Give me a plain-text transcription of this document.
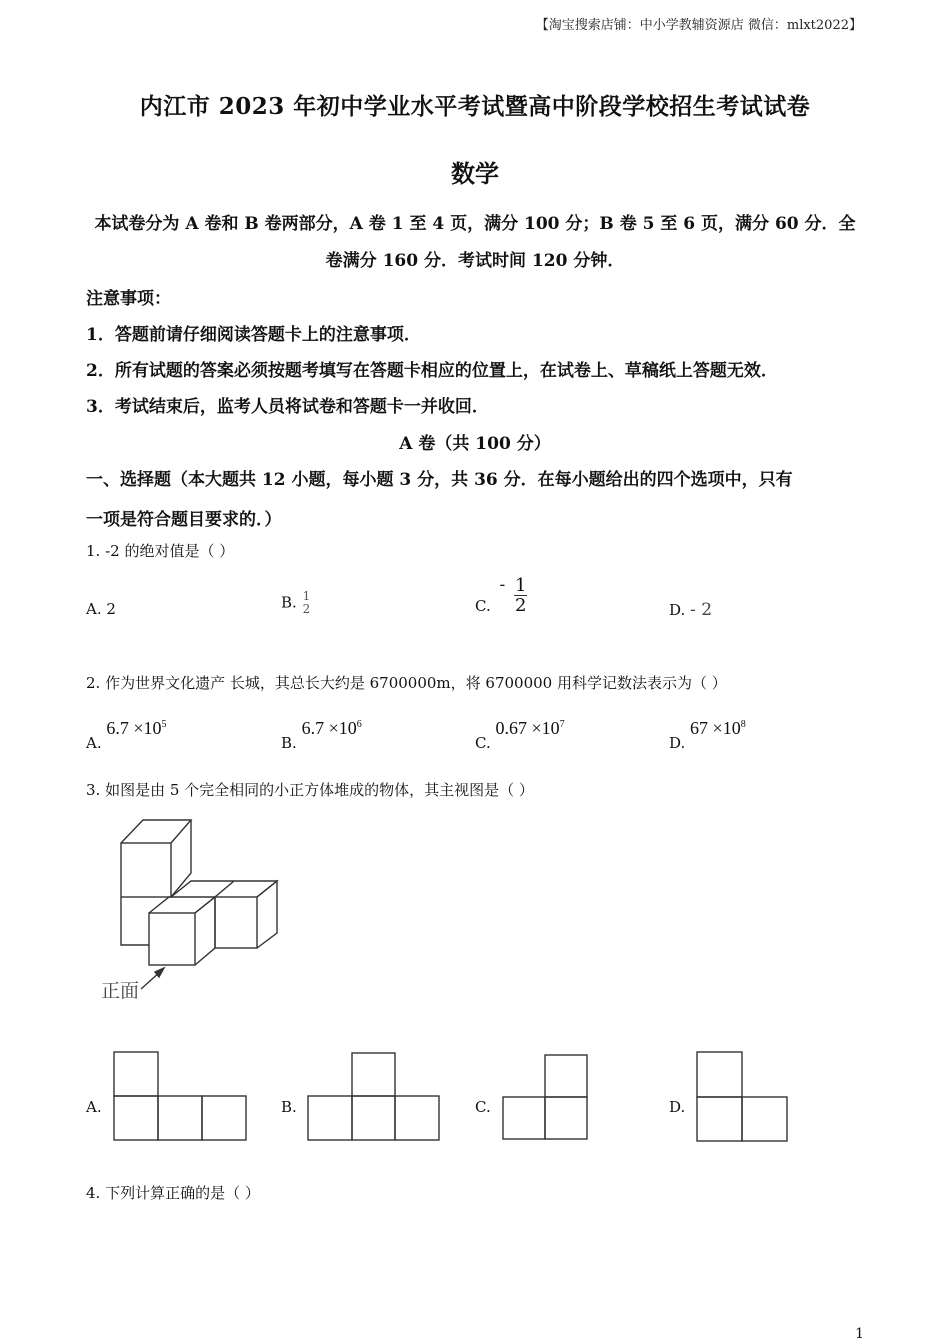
【淘宝搜索店铺：中小学教辅资源店 微信：mlxt2022】
内江市 2023 年初中学业水平考试暨高中阶段学校招生考试试卷
数学
本试卷分为 A 卷和 B 卷两部分，A 卷 1 至 4 页，满分 100 分；B 卷 5 至 6 页，满分 60 分．全
卷满分 160 分．考试时间 120 分钟．
注意事项：
1．答题前请仔细阅读答题卡上的注意事项．
2．所有试题的答案必须按题考填写在答题卡相应的位置上，在试卷上、草稿纸上答题无效．
3．考试结束后，监考人员将试卷和答题卡一并收回．
A 卷（共 100 分）
一、选择题（本大题共 12 小题，每小题 3 分，共 36 分．在每小题给出的四个选项中，只有
一项是符合题目要求的．）
1. -2 的绝对值是（ ）
A. 2	B. 1
2	C. - $\frac{1}{2}$	D. - 2
2. 作为世界文化遗产 长城，其总长大约是 6700000m，将 6700000 用科学记数法表示为（ ）
A. $6.7 \times 10^5$
B. $6.7 \times 10^6$
C. $0.67 \times 10^7$
D. $67 \times 10^8$
3. 如图是由 5 个完全相同的小正方体堆成的物体，其主视图是（ ）
正面
A.	B.	C.	D.
4. 下列计算正确的是（ ）
1
